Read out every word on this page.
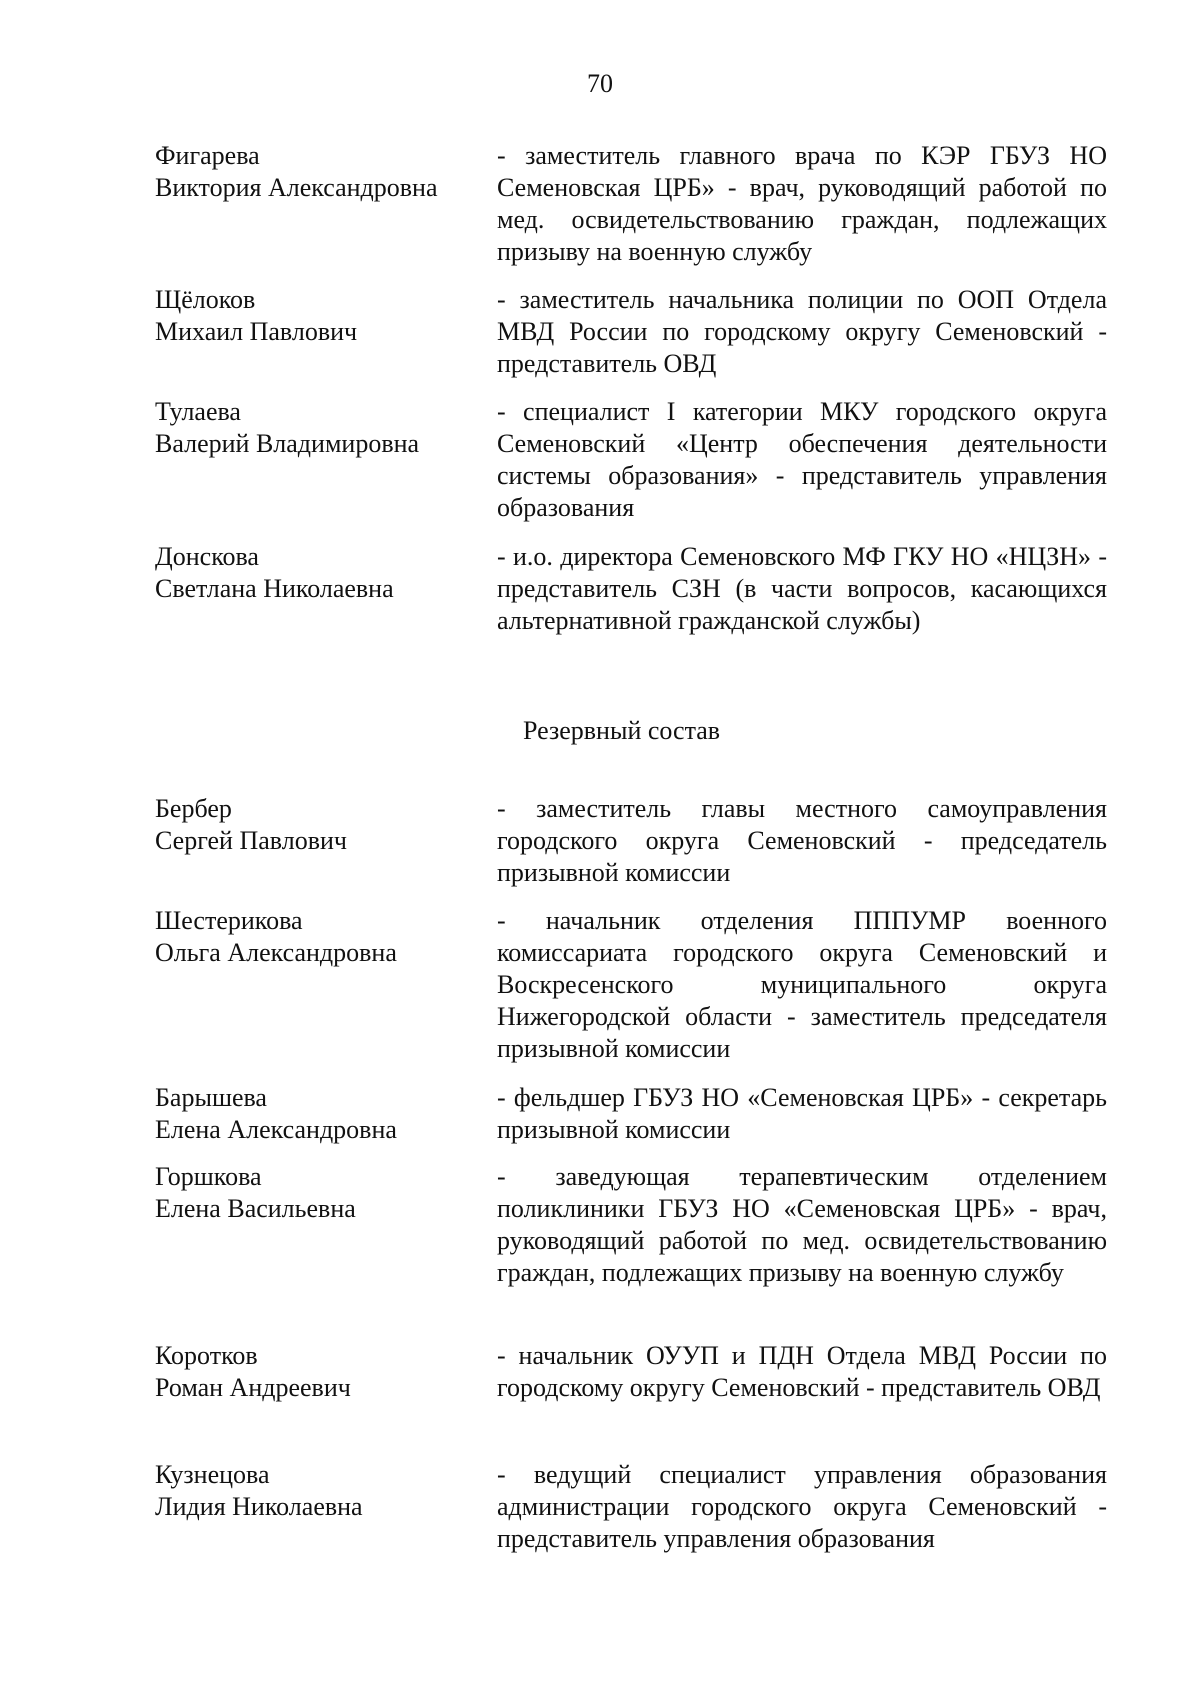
70
Фигарева
Виктория Александровна
- заместитель главного врача по КЭР ГБУЗ НО Семеновская ЦРБ» - врач, руководящий работой по мед. освидетельствованию граждан, подлежащих призыву на военную службу
Щёлоков
Михаил Павлович
- заместитель начальника полиции по ООП Отдела МВД России по городскому округу Семеновский - представитель ОВД
Тулаева
Валерий Владимировна
- специалист I категории МКУ городского округа Семеновский «Центр обеспечения деятельности системы образования» - представитель управления образования
Донскова
Светлана Николаевна
- и.о. директора Семеновского МФ ГКУ НО «НЦЗН» - представитель СЗН (в части вопросов, касающихся альтернативной гражданской службы)
Резервный состав
Бербер
Сергей Павлович
- заместитель главы местного самоуправления городского округа Семеновский - председатель призывной комиссии
Шестерикова
Ольга Александровна
- начальник отделения ПППУМР военного комиссариата городского округа Семеновский и Воскресенского муниципального округа Нижегородской области - заместитель председателя призывной комиссии
Барышева
Елена Александровна
- фельдшер ГБУЗ НО «Семеновская ЦРБ» - секретарь призывной комиссии
Горшкова
Елена Васильевна
- заведующая терапевтическим отделением поликлиники ГБУЗ НО «Семеновская ЦРБ» - врач, руководящий работой по мед. освидетельствованию граждан, подлежащих призыву на военную службу
Коротков
Роман Андреевич
- начальник ОУУП и ПДН Отдела МВД России по городскому округу Семеновский - представитель ОВД
Кузнецова
Лидия Николаевна
- ведущий специалист управления образования администрации городского округа Семеновский - представитель управления образования
